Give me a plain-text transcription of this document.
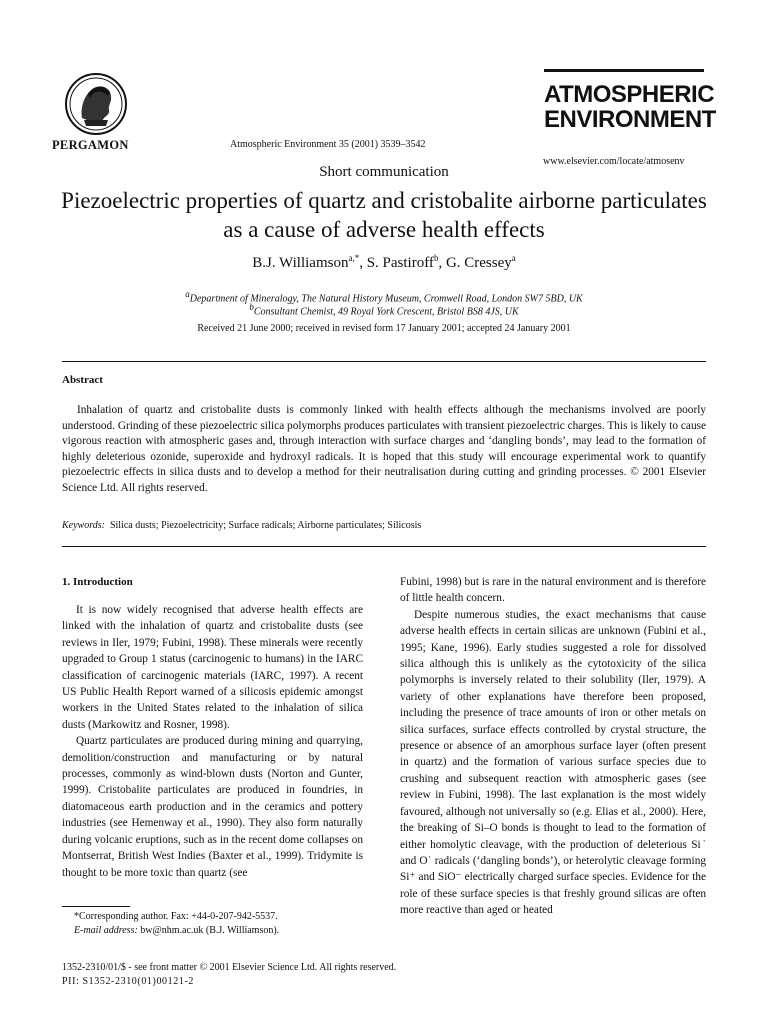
PERGAMON	Atmospheric Environment 35 (2001) 3539–3542
ATMOSPHERIC
ENVIRONMENT
www.elsevier.com/locate/atmosenv
Short communication
Piezoelectric properties of quartz and cristobalite airborne particulates as a cause of adverse health effects
B.J. Williamson$^{a,*}$, S. Pastiroff$^b$, G. Cressey$^a$
$^a$Department of Mineralogy, The Natural History Museum, Cromwell Road, London SW7 5BD, UK
$^b$Consultant Chemist, 49 Royal York Crescent, Bristol BS8 4JS, UK
Received 21 June 2000; received in revised form 17 January 2001; accepted 24 January 2001
Abstract
Inhalation of quartz and cristobalite dusts is commonly linked with health effects although the mechanisms involved are poorly understood. Grinding of these piezoelectric silica polymorphs produces particulates with transient piezoelectric charges. This is likely to cause vigorous reaction with atmospheric gases and, through interaction with surface charges and ‘dangling bonds’, may lead to the formation of highly deleterious ozonide, superoxide and hydroxyl radicals. It is hoped that this study will encourage experimental work to quantify piezoelectric effects in silica dusts and to develop a method for their neutralisation during cutting and grinding processes. © 2001 Elsevier Science Ltd. All rights reserved.
Keywords: Silica dusts; Piezoelectricity; Surface radicals; Airborne particulates; Silicosis
1. Introduction

It is now widely recognised that adverse health effects are linked with the inhalation of quartz and cristobalite dusts (see reviews in Iler, 1979; Fubini, 1998). These minerals were recently upgraded to Group 1 status (carcinogenic to humans) in the IARC classification of carcinogenic materials (IARC, 1997). A recent US Public Health Report warned of a silicosis epidemic amongst workers in the United States related to the inhalation of silica dusts (Markowitz and Rosner, 1998).

Quartz particulates are produced during mining and quarrying, demolition/construction and manufacturing or by natural processes, commonly as wind-blown dusts (Norton and Gunter, 1999). Cristobalite particulates are produced in foundries, in diatomaceous earth production and in the ceramics and pottery industries (see Hemenway et al., 1990). They also form naturally during volcanic eruptions, such as in the recent dome collapses on Montserrat, British West Indies (Baxter et al., 1999). Tridymite is thought to be more toxic than quartz (see

Fubini, 1998) but is rare in the natural environment and is therefore of little health concern.

Despite numerous studies, the exact mechanisms that cause adverse health effects in certain silicas are unknown (Fubini et al., 1995; Kane, 1996). Early studies suggested a role for dissolved silica although this is unlikely as the cytotoxicity of the silica polymorphs is inversely related to their solubility (Iler, 1979). A variety of other explanations have therefore been proposed, including the presence of trace amounts of iron or other metals on silica surfaces, surface effects controlled by crystal structure, the presence or absence of an amorphous surface layer (often present in quartz) and the formation of various surface species due to crushing and subsequent reaction with atmospheric gases (see review in Fubini, 1998). The last explanation is the most widely favoured, although not universally so (e.g. Elias et al., 2000). Here, the breaking of Si–O bonds is thought to lead to the formation of either homolytic cleavage, with the production of deleterious Si˙ and O˙ radicals (‘dangling bonds’), or heterolytic cleavage forming Si⁺ and SiO⁻ electrically charged surface species. Evidence for the role of these surface species is that freshly ground silicas are often more reactive than aged or heated

*Corresponding author. Fax: +44-0-207-942-5537.
E-mail address: bw@nhm.ac.uk (B.J. Williamson).
1352-2310/01/$ - see front matter © 2001 Elsevier Science Ltd. All rights reserved.
PII: S1352-2310(01)00121-2
